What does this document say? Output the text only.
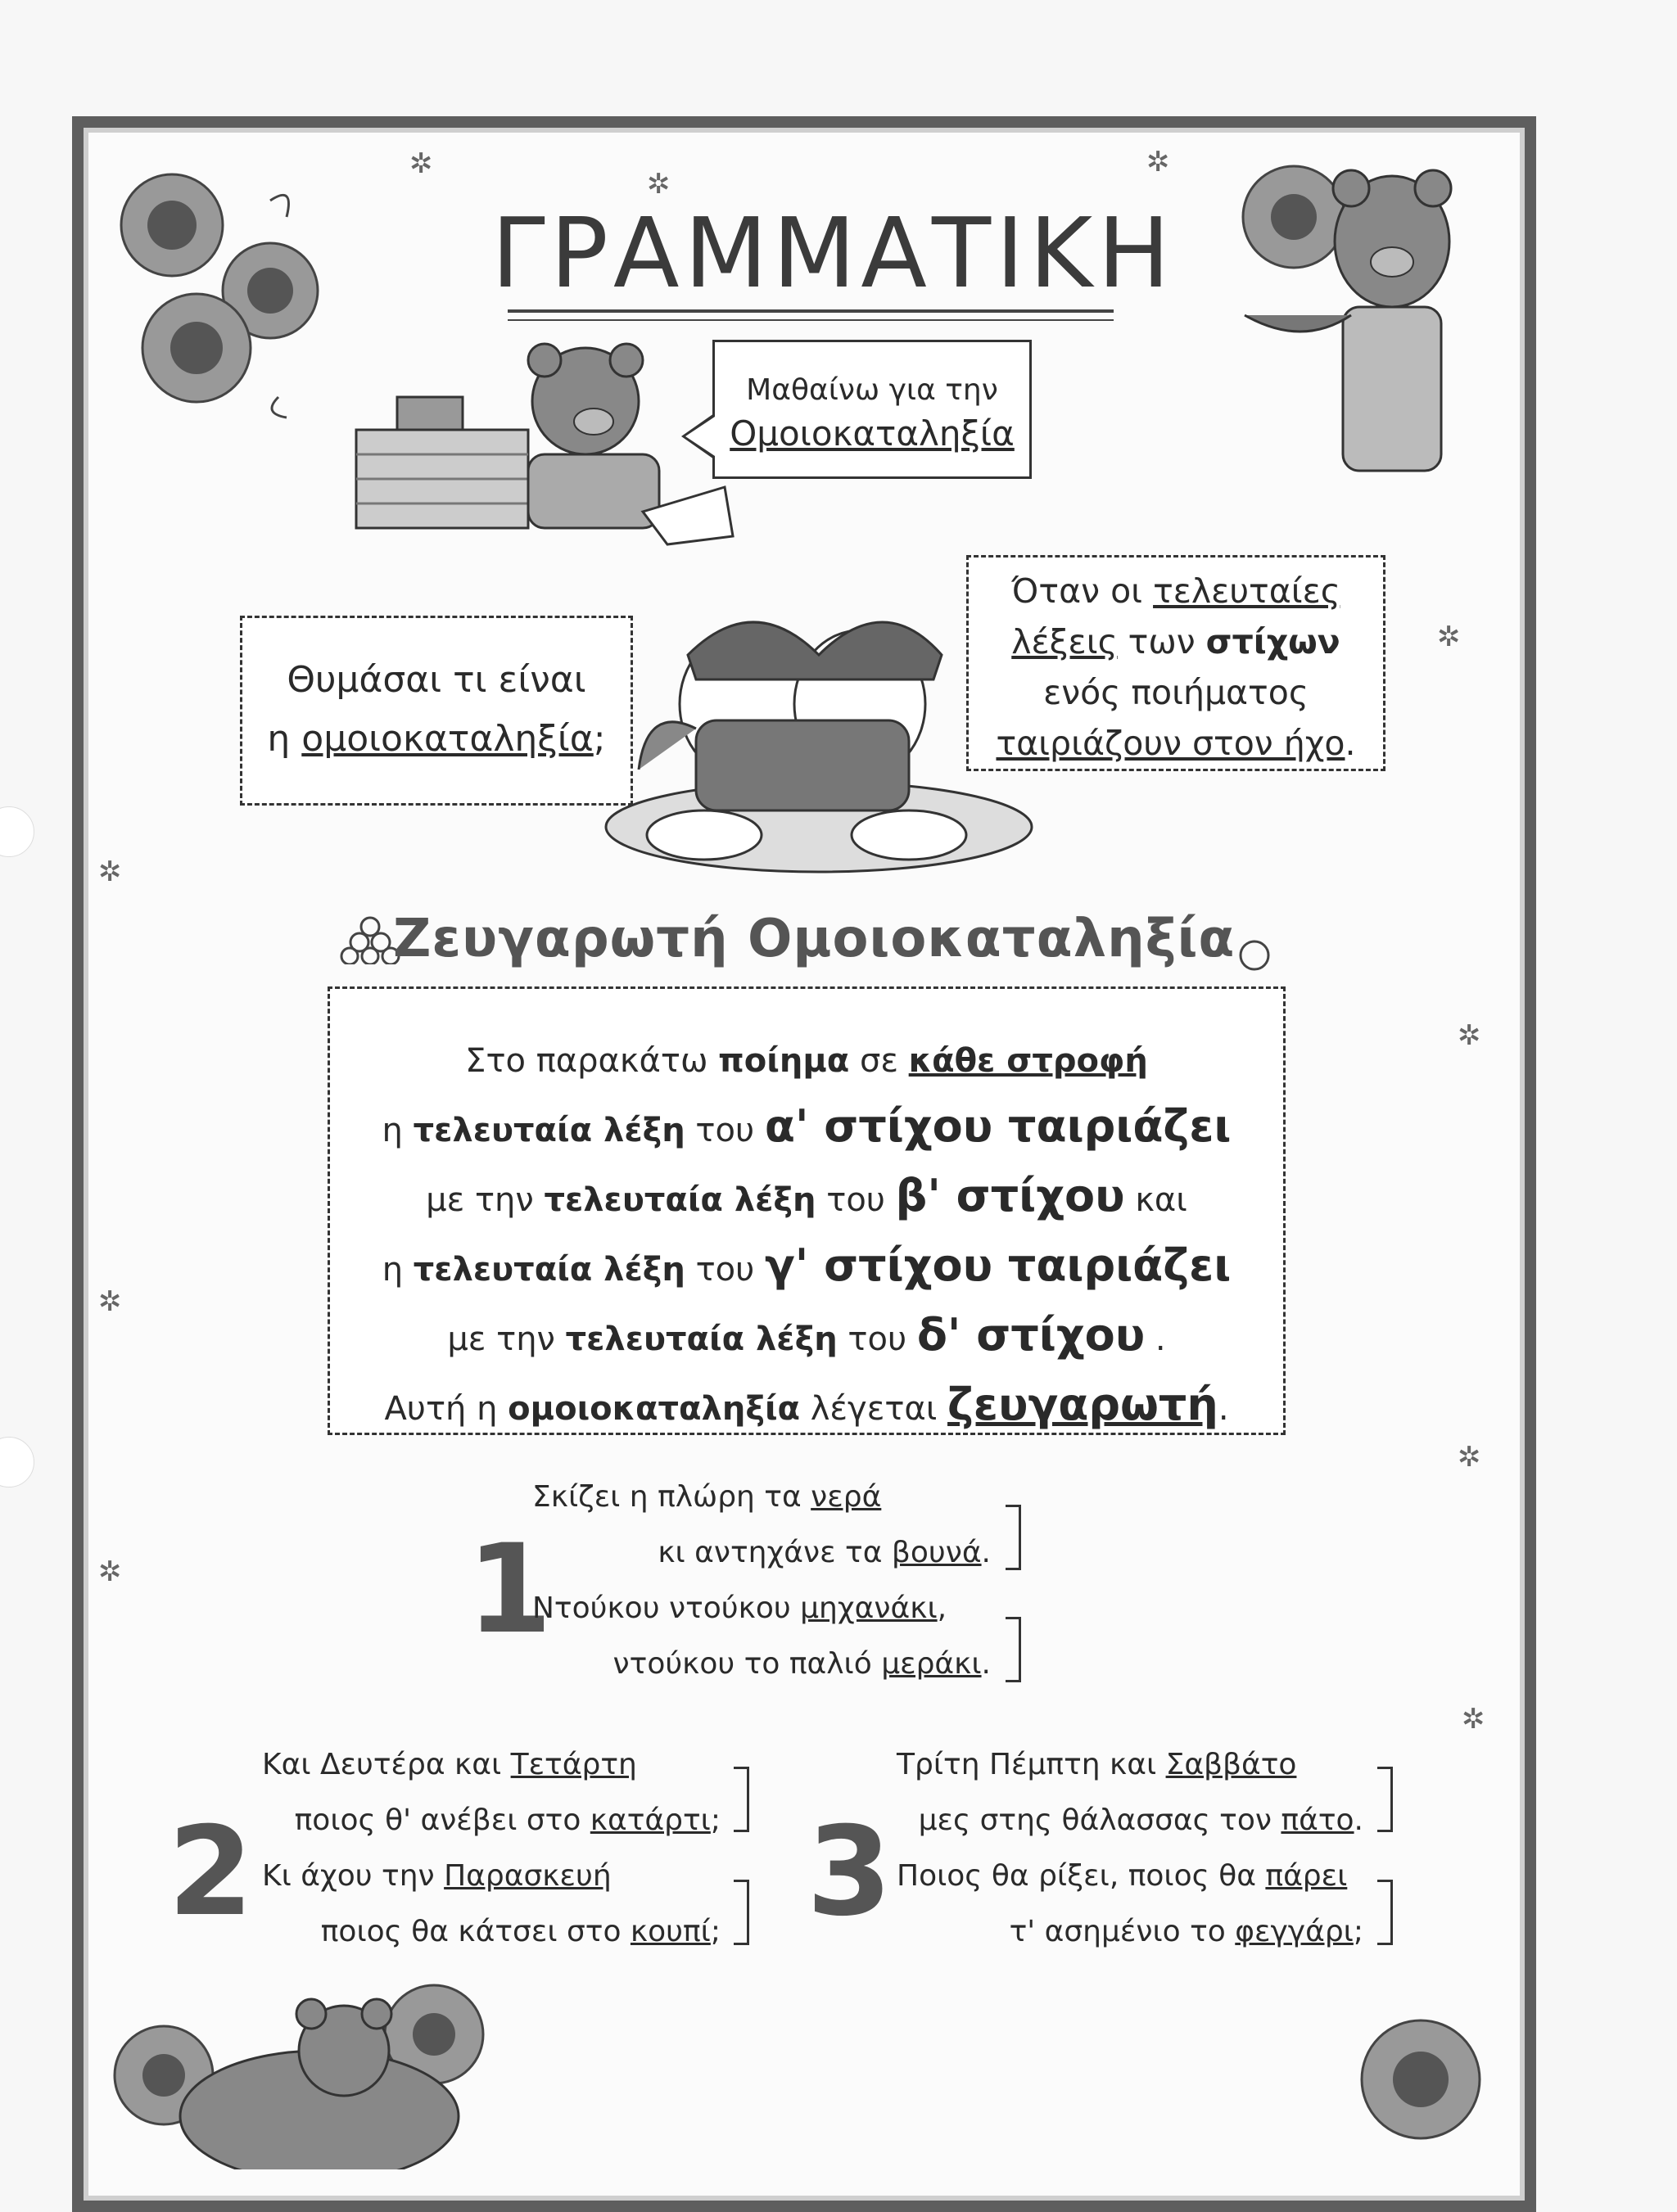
✲
✲
✲
✲
✲
✲
✲
✲
✲
✲
ΓΡΑΜΜΑΤΙΚΗ
Μαθαίνω για την
Ομοιοκαταληξία
Θυμάσαι τι είναι
η ομοιοκαταληξία;
Όταν οι τελευταίες
λέξεις των στίχων
ενός ποιήματος
ταιριάζουν στον ήχο.
Ζευγαρωτή Ομοιοκαταληξία
Στο παρακάτω ποίημα σε κάθε στροφή
η τελευταία λέξη του α' στίχου ταιριάζει
με την τελευταία λέξη του β' στίχου και
η τελευταία λέξη του γ' στίχου ταιριάζει
με την τελευταία λέξη του δ' στίχου .
Αυτή η ομοιοκαταληξία λέγεται ζευγαρωτή.
1
Σκίζει η πλώρη τα νερά
κι αντηχάνε τα βουνά.
Ντούκου ντούκου μηχανάκι,
ντούκου το παλιό μεράκι.
2
Και Δευτέρα και Τετάρτη
ποιος θ' ανέβει στο κατάρτι;
Κι άχου την Παρασκευή
ποιος θα κάτσει στο κουπί; 3
Τρίτη Πέμπτη και Σαββάτο
μες στης θάλασσας τον πάτο.
Ποιος θα ρίξει, ποιος θα πάρει
τ' ασημένιο το φεγγάρι;
